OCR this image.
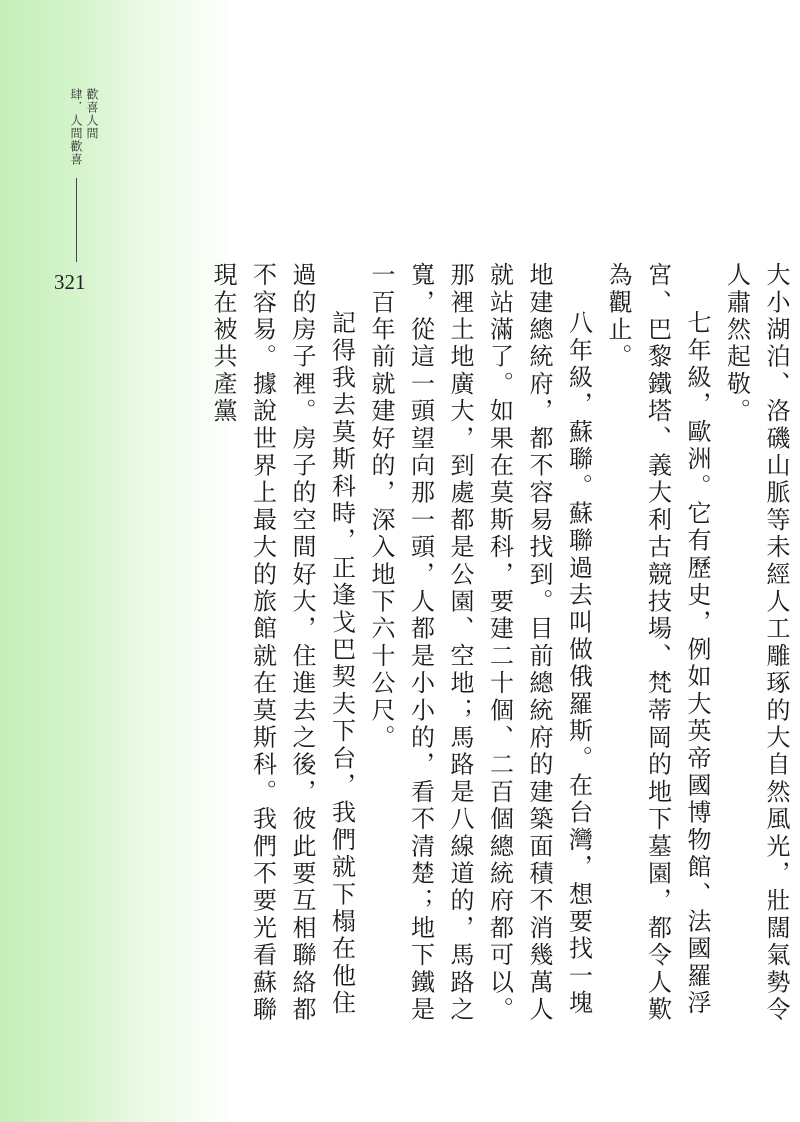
歡喜人間
肆．人間歡喜
321	大小湖泊、洛磯山脈等未經人工雕琢的大自然風光，壯闊氣勢令人肅然起敬。

七年級，歐洲。它有歷史，例如大英帝國博物館、法國羅浮宮、巴黎鐵塔、義大利古競技場、梵蒂岡的地下墓園，都令人歎為觀止。

八年級，蘇聯。蘇聯過去叫做俄羅斯。在台灣，想要找一塊地建總統府，都不容易找到。目前總統府的建築面積不消幾萬人就站滿了。如果在莫斯科，要建二十個、二百個總統府都可以。那裡土地廣大，到處都是公園、空地；馬路是八線道的，馬路之寬，從這一頭望向那一頭，人都是小小的，看不清楚；地下鐵是一百年前就建好的，深入地下六十公尺。

記得我去莫斯科時，正逢戈巴契夫下台，我們就下榻在他住過的房子裡。房子的空間好大，住進去之後，彼此要互相聯絡都不容易。據說世界上最大的旅館就在莫斯科。我們不要光看蘇聯現在被共產黨
